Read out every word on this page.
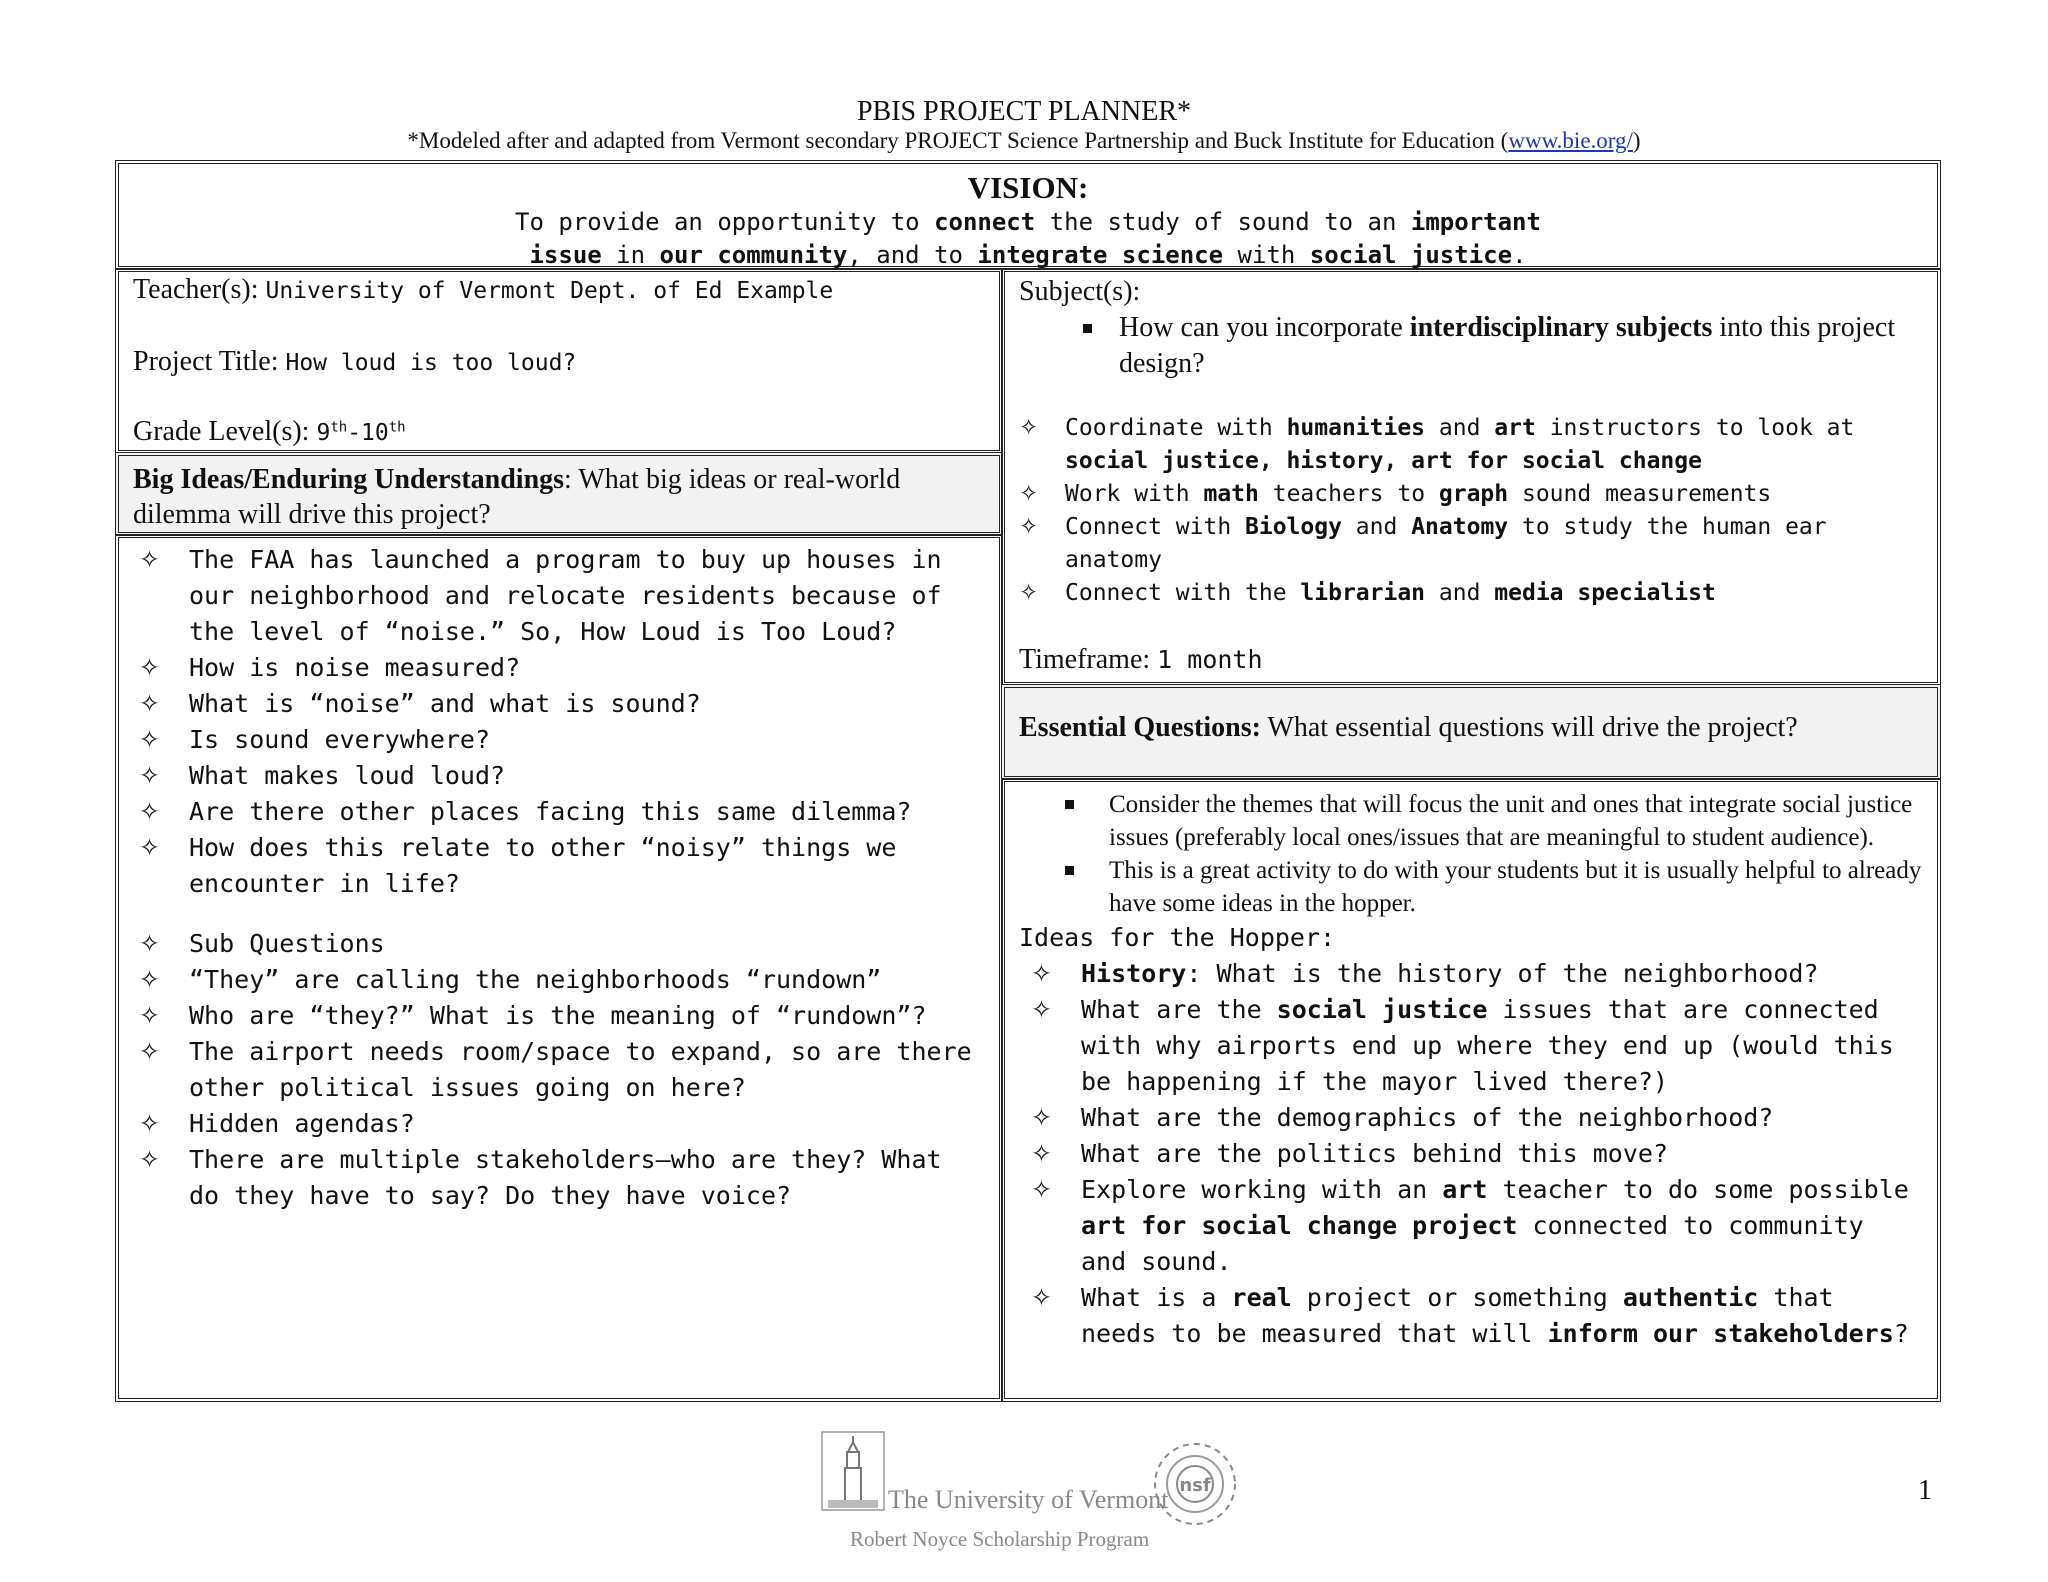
PBIS PROJECT PLANNER*
*Modeled after and adapted from Vermont secondary PROJECT Science Partnership and Buck Institute for Education (www.bie.org/)
VISION:
To provide an opportunity to connect the study of sound to an important
issue in our community, and to integrate science with social justice.
Teacher(s): University of Vermont Dept. of Ed Example
Project Title: How loud is too loud?
Grade Level(s): 9th-10th
Big Ideas/Enduring Understandings: What big ideas or real-world dilemma will drive this project?
✧ The FAA has launched a program to buy up houses in our neighborhood and relocate residents because of the level of “noise.” So, How Loud is Too Loud?
✧ How is noise measured?
✧ What is “noise” and what is sound?
✧ Is sound everywhere?
✧ What makes loud loud?
✧ Are there other places facing this same dilemma?
✧ How does this relate to other “noisy” things we encounter in life?
✧ Sub Questions
✧ “They” are calling the neighborhoods “rundown”
✧ Who are “they?” What is the meaning of “rundown”?
✧ The airport needs room/space to expand, so are there other political issues going on here?
✧ Hidden agendas?
✧ There are multiple stakeholders—who are they? What do they have to say? Do they have voice?
Subject(s):
How can you incorporate interdisciplinary subjects into this project design?
✧ Coordinate with humanities and art instructors to look at social justice, history, art for social change
✧ Work with math teachers to graph sound measurements
✧ Connect with Biology and Anatomy to study the human ear anatomy
✧ Connect with the librarian and media specialist
Timeframe: 1 month
Essential Questions: What essential questions will drive the project?
Consider the themes that will focus the unit and ones that integrate social justice issues (preferably local ones/issues that are meaningful to student audience).
This is a great activity to do with your students but it is usually helpful to already have some ideas in the hopper.
Ideas for the Hopper:
✧ History: What is the history of the neighborhood?
✧ What are the social justice issues that are connected with why airports end up where they end up (would this be happening if the mayor lived there?)
✧ What are the demographics of the neighborhood?
✧ What are the politics behind this move?
✧ Explore working with an art teacher to do some possible art for social change project connected to community and sound.
✧ What is a real project or something authentic that needs to be measured that will inform our stakeholders?
The University of Vermont nsf
Robert Noyce Scholarship Program
1
